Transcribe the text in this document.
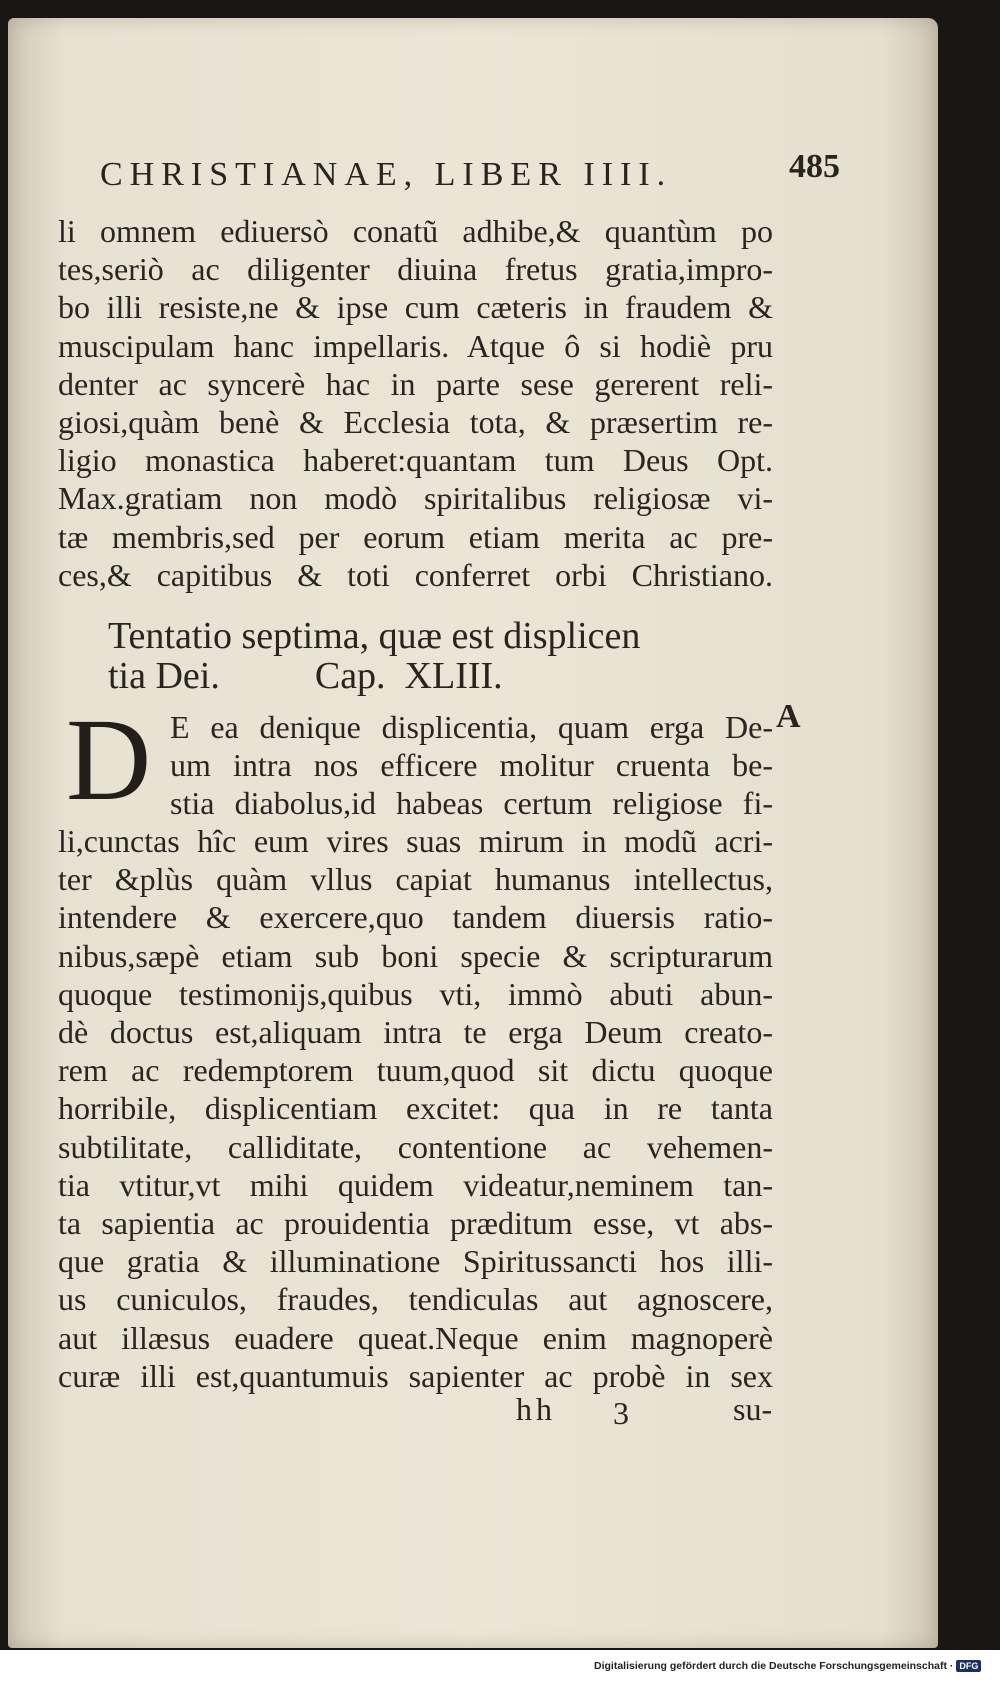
CHRISTIANAE, LIBER IIII.	485
li omnem ediuersò conatũ adhibe,& quantùm po
tes,seriò ac diligenter diuina fretus gratia,impro-
bo illi resiste,ne & ipse cum cæteris in fraudem &
muscipulam hanc impellaris. Atque ô si hodiè pru
denter ac syncerè hac in parte sese gererent reli-
giosi,quàm benè & Ecclesia tota, & præsertim re-
ligio monastica haberet:quantam tum Deus Opt.
Max.gratiam non modò spiritalibus religiosæ vi-
tæ membris,sed per eorum etiam merita ac pre-
ces,& capitibus & toti conferret orbi Christiano.
Tentatio septima, quæ est displicen
tia Dei.          Cap.  XLIII.
A
D E ea denique displicentia, quam erga De-
um intra nos efficere molitur cruenta be-
stia diabolus,id habeas certum religiose fi-
li,cunctas hîc eum vires suas mirum in modũ acri-
ter &plùs quàm vllus capiat humanus intellectus,
intendere & exercere,quo tandem diuersis ratio-
nibus,sæpè etiam sub boni specie & scripturarum
quoque testimonijs,quibus vti, immò abuti abun-
dè doctus est,aliquam intra te erga Deum creato-
rem ac redemptorem tuum,quod sit dictu quoque
horribile, displicentiam excitet: qua in re tanta
subtilitate, calliditate, contentione ac vehemen-
tia vtitur,vt mihi quidem videatur,neminem tan-
ta sapientia ac prouidentia præditum esse, vt abs-
que gratia & illuminatione Spiritussancti hos illi-
us cuniculos, fraudes, tendiculas aut agnoscere,
aut illæsus euadere queat.Neque enim magnoperè
curæ illi est,quantumuis sapienter ac probè in sex
hh 3	su-
Digitalisierung gefördert durch die Deutsche Forschungsgemeinschaft · DFG
